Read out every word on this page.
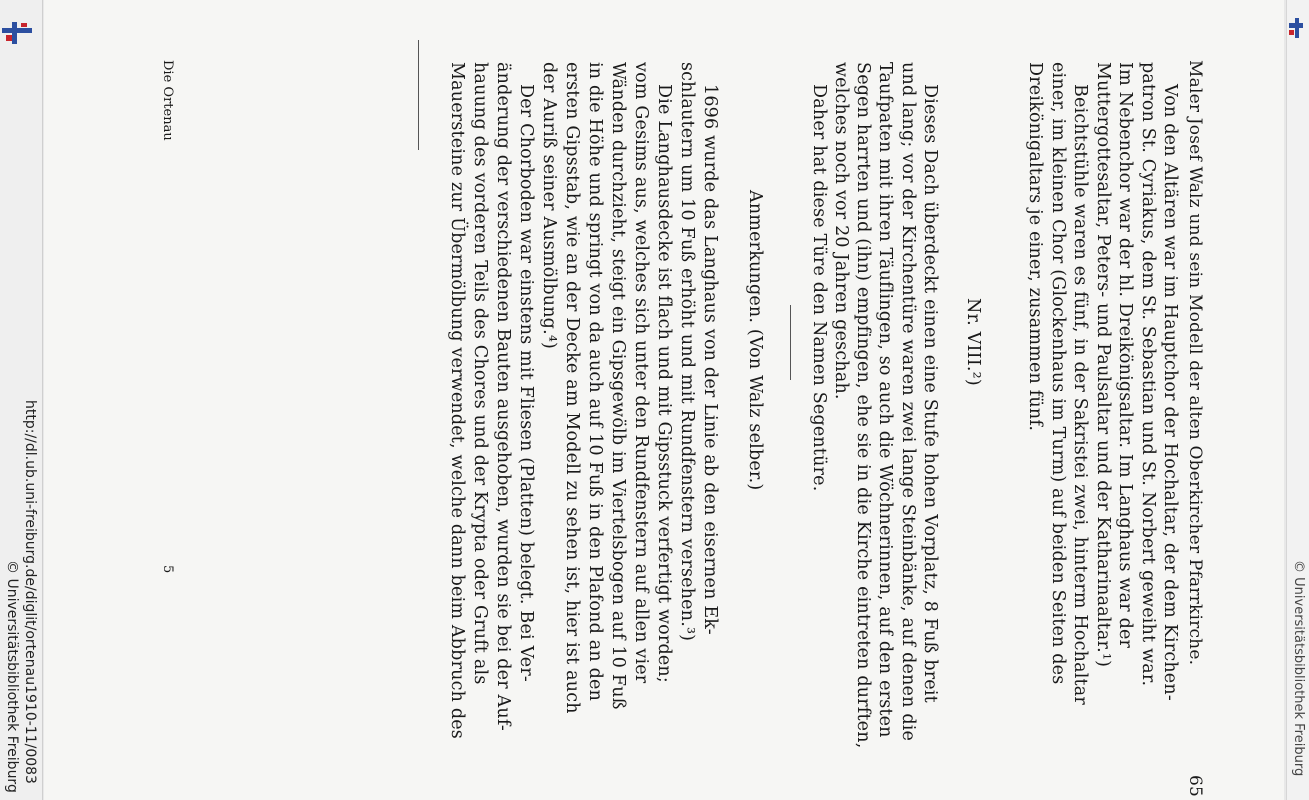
http://dl.ub.uni-freiburg.de/diglit/ortenau1910-11/0083
© Universitätsbibliothek Freiburg	© Universitätsbibliothek Freiburg
Maler Josef Walz und sein Modell der alten Oberkircher Pfarrkirche.
65
Von den Altären war im Hauptchor der Hochaltar, der dem Kirchen-
patron St. Cyriakus, dem St. Sebastian und St. Norbert geweiht war.
Im Nebenchor war der hl. Dreikönigsaltar. Im Langhaus war der
Muttergottesaltar, Peters- und Paulsaltar und der Katharinaaltar.¹)
Beichtstühle waren es fünf, in der Sakristei zwei, hinterm Hochaltar
einer, im kleinen Chor (Glockenhaus im Turm) auf beiden Seiten des
Dreikönigaltars je einer, zusammen fünf.
Nr. VIII.²)
Dieses Dach überdeckt einen eine Stufe hohen Vorplatz, 8 Fuß breit
und lang; vor der Kirchentüre waren zwei lange Steinbänke, auf denen die
Taufpaten mit ihren Täuflingen, so auch die Wöchnerinnen, auf den ersten
Segen harrten und (ihn) empfingen, ehe sie in die Kirche eintreten durften,
welches noch vor 20 Jahren geschah.
Daher hat diese Türe den Namen Segentüre.
Anmerkungen. (Von Walz selber.)
1696 wurde das Langhaus von der Linie ab den eisernen Ek-
schlautern um 10 Fuß erhöht und mit Rundfenstern versehen.³)
Die Langhausdecke ist flach und mit Gipsstuck verfertigt worden;
vom Gesims aus, welches sich unter den Rundfenstern auf allen vier
Wänden durchzieht, steigt ein Gipsgewölb im Viertelsbogen auf 10 Fuß
in die Höhe und springt von da auch auf 10 Fuß in den Plafond an den
ersten Gipsstab, wie an der Decke am Modell zu sehen ist, hier ist auch
der Auriß seiner Ausmölbung.⁴)
Der Chorboden war einstens mit Fliesen (Platten) belegt. Bei Ver-
änderung der verschiedenen Bauten ausgehoben, wurden sie bei der Auf-
hauung des vorderen Teils des Chores und der Krypta oder Gruft als
Mauersteine zur Übermölbung verwendet, welche dann beim Abbruch des
Die Ortenau
5
